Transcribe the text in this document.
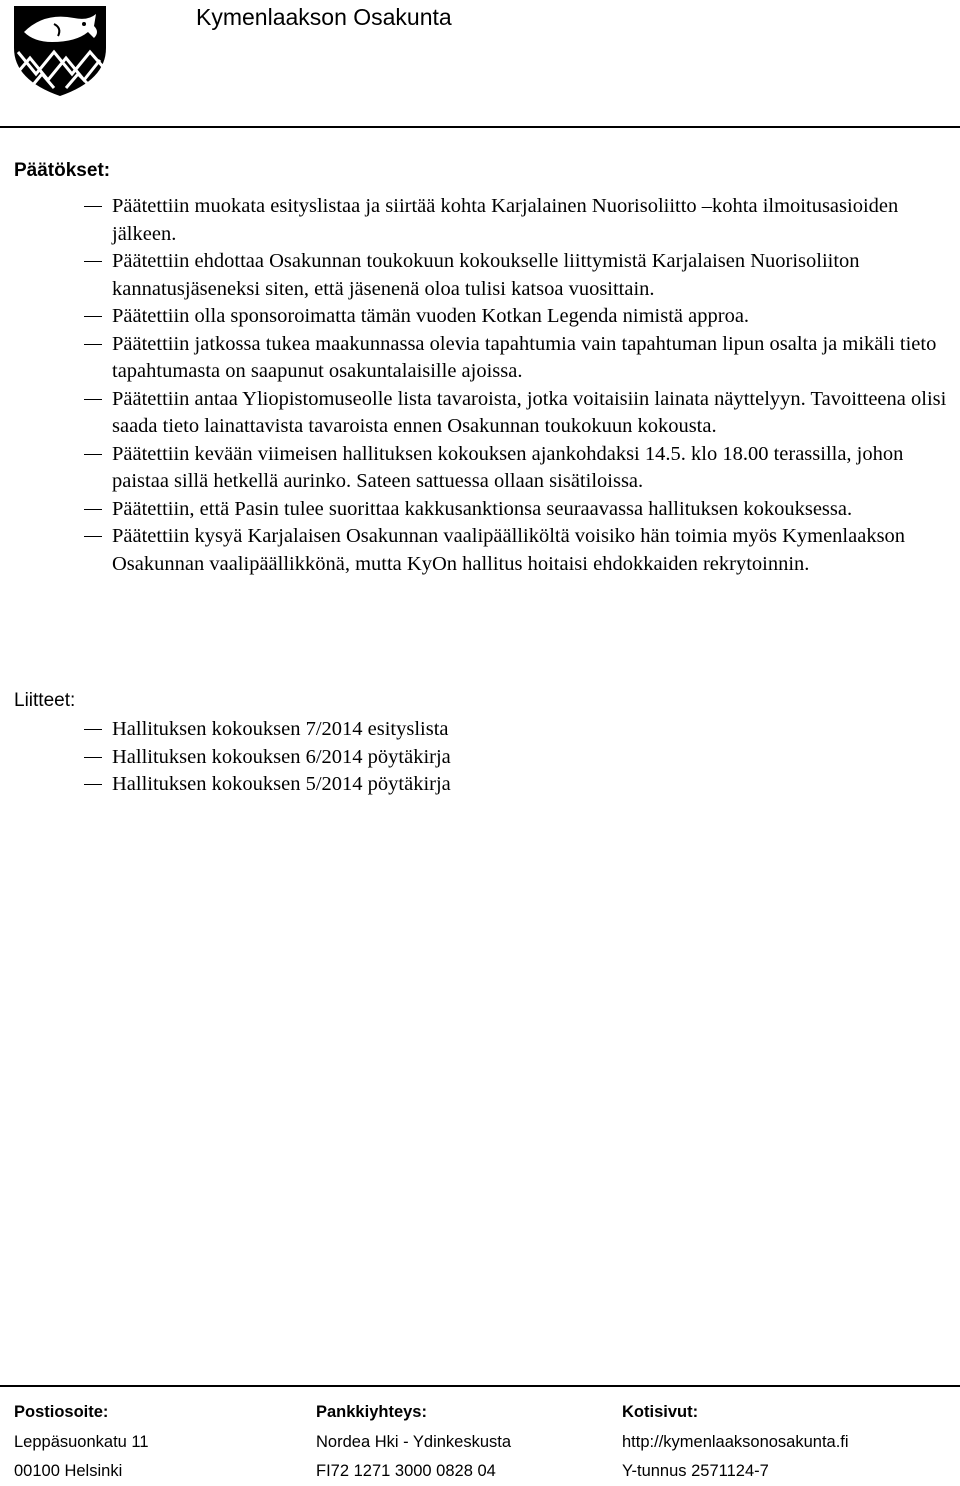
Kymenlaakson Osakunta
Päätökset:
Päätettiin muokata esityslistaa ja siirtää kohta Karjalainen Nuorisoliitto –kohta ilmoitusasioiden jälkeen.
Päätettiin ehdottaa Osakunnan toukokuun kokoukselle liittymistä Karjalaisen Nuorisoliiton kannatusjäseneksi siten, että jäsenenä oloa tulisi katsoa vuosittain.
Päätettiin olla sponsoroimatta tämän vuoden Kotkan Legenda nimistä approa.
Päätettiin jatkossa tukea maakunnassa olevia tapahtumia vain tapahtuman lipun osalta ja mikäli tieto tapahtumasta on saapunut osakuntalaisille ajoissa.
Päätettiin antaa Yliopistomuseolle lista tavaroista, jotka voitaisiin lainata näyttelyyn. Tavoitteena olisi saada tieto lainattavista tavaroista ennen Osakunnan toukokuun kokousta.
Päätettiin kevään viimeisen hallituksen kokouksen ajankohdaksi 14.5. klo 18.00 terassilla, johon paistaa sillä hetkellä aurinko. Sateen sattuessa ollaan sisätiloissa.
Päätettiin, että Pasin tulee suorittaa kakkusanktionsa seuraavassa hallituksen kokouksessa.
Päätettiin kysyä Karjalaisen Osakunnan vaalipäälliköltä voisiko hän toimia myös Kymenlaakson Osakunnan vaalipäällikkönä, mutta KyOn hallitus hoitaisi ehdokkaiden rekrytoinnin.
Liitteet:
Hallituksen kokouksen 7/2014 esityslista
Hallituksen kokouksen 6/2014 pöytäkirja
Hallituksen kokouksen 5/2014 pöytäkirja
Postiosoite:
Leppäsuonkatu 11
00100 Helsinki
Pankkiyhteys:
Nordea Hki - Ydinkeskusta
FI72 1271 3000 0828 04
Kotisivut:
http://kymenlaaksonosakunta.fi
Y-tunnus 2571124-7
